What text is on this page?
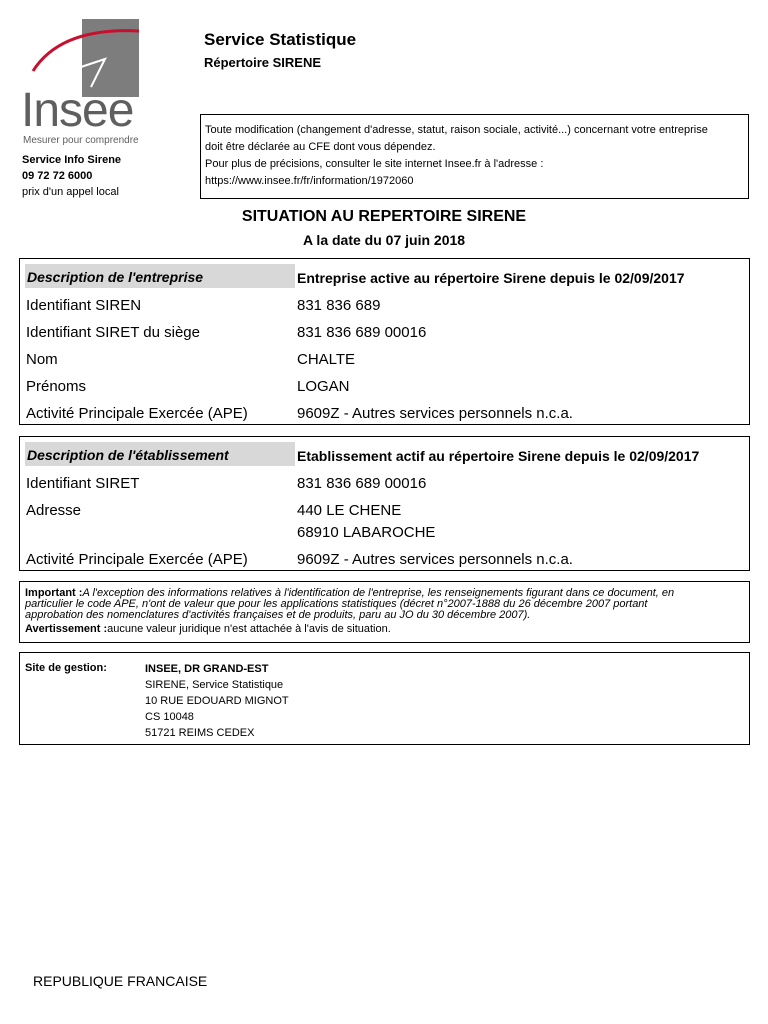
Insee
Mesurer pour comprendre
Service Info Sirene
09 72 72 6000
prix d'un appel local
Service Statistique
Répertoire SIRENE
Toute modification (changement d'adresse, statut, raison sociale, activité...) concernant votre entreprise
doit être déclarée au CFE dont vous dépendez.
Pour plus de précisions, consulter le site internet Insee.fr à l'adresse :
https://www.insee.fr/fr/information/1972060
SITUATION AU REPERTOIRE SIRENE
A la date du 07 juin 2018
Description de l'entreprise	Entreprise active au répertoire Sirene depuis le 02/09/2017
Identifiant SIREN	831 836 689
Identifiant SIRET du siège	831 836 689 00016
Nom	CHALTE
Prénoms	LOGAN
Activité Principale Exercée (APE)	9609Z - Autres services personnels n.c.a.
Description de l'établissement	Etablissement actif au répertoire Sirene depuis le 02/09/2017
Identifiant SIRET	831 836 689 00016
Adresse	440 LE CHENE
68910 LABAROCHE
Activité Principale Exercée (APE)	9609Z - Autres services personnels n.c.a.
Important :A l'exception des informations relatives à l'identification de l'entreprise, les renseignements figurant dans ce document, en
particulier le code APE, n'ont de valeur que pour les applications statistiques (décret n°2007-1888 du 26 décembre 2007 portant
approbation des nomenclatures d'activités françaises et de produits, paru au JO du 30 décembre 2007).
Avertissement :aucune valeur juridique n'est attachée à l'avis de situation.
Site de gestion:	INSEE, DR GRAND-EST
SIRENE, Service Statistique
10 RUE EDOUARD MIGNOT
CS 10048
51721 REIMS CEDEX
REPUBLIQUE FRANCAISE
